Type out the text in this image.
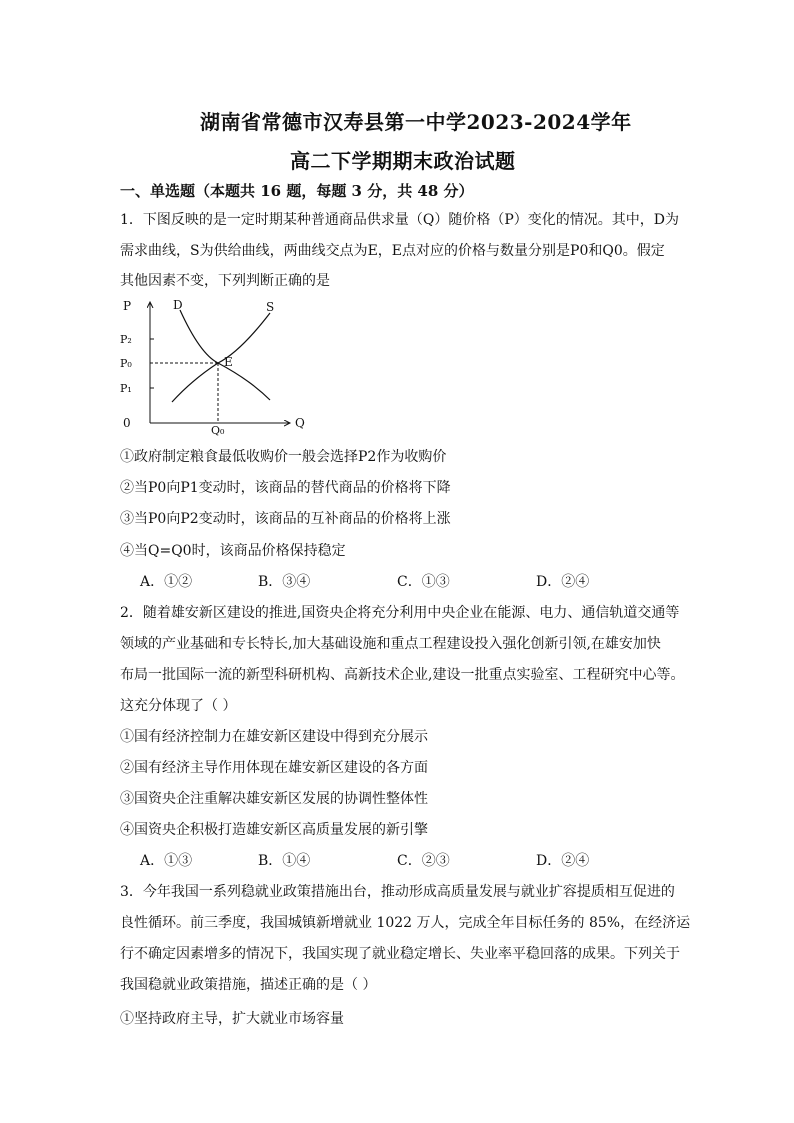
湖南省常德市汉寿县第一中学2023-2024学年
高二下学期期末政治试题
一、单选题（本题共 16 题，每题 3 分，共 48 分）
1．下图反映的是一定时期某种普通商品供求量（Q）随价格（P）变化的情况。其中，D为
需求曲线，S为供给曲线，两曲线交点为E，E点对应的价格与数量分别是P0和Q0。假定
其他因素不变，下列判断正确的是
P
Q
0
P₂
P₀
P₁
Q₀
D	S
E
①政府制定粮食最低收购价一般会选择P2作为收购价
②当P0向P1变动时，该商品的替代商品的价格将下降
③当P0向P2变动时，该商品的互补商品的价格将上涨
④当Q=Q0时，该商品价格保持稳定
A．①②	B．③④	C．①③	D．②④
2．随着雄安新区建设的推进,国资央企将充分利用中央企业在能源、电力、通信轨道交通等
领域的产业基础和专长特长,加大基础设施和重点工程建设投入强化创新引领,在雄安加快
布局一批国际一流的新型科研机构、高新技术企业,建设一批重点实验室、工程研究中心等。
这充分体现了（ ）
①国有经济控制力在雄安新区建设中得到充分展示
②国有经济主导作用体现在雄安新区建设的各方面
③国资央企注重解决雄安新区发展的协调性整体性
④国资央企积极打造雄安新区高质量发展的新引擎
A．①③	B．①④	C．②③	D．②④
3．今年我国一系列稳就业政策措施出台，推动形成高质量发展与就业扩容提质相互促进的
良性循环。前三季度，我国城镇新增就业 1022 万人，完成全年目标任务的 85%，在经济运
行不确定因素增多的情况下，我国实现了就业稳定增长、失业率平稳回落的成果。下列关于
我国稳就业政策措施，描述正确的是（ ）
①坚持政府主导，扩大就业市场容量
